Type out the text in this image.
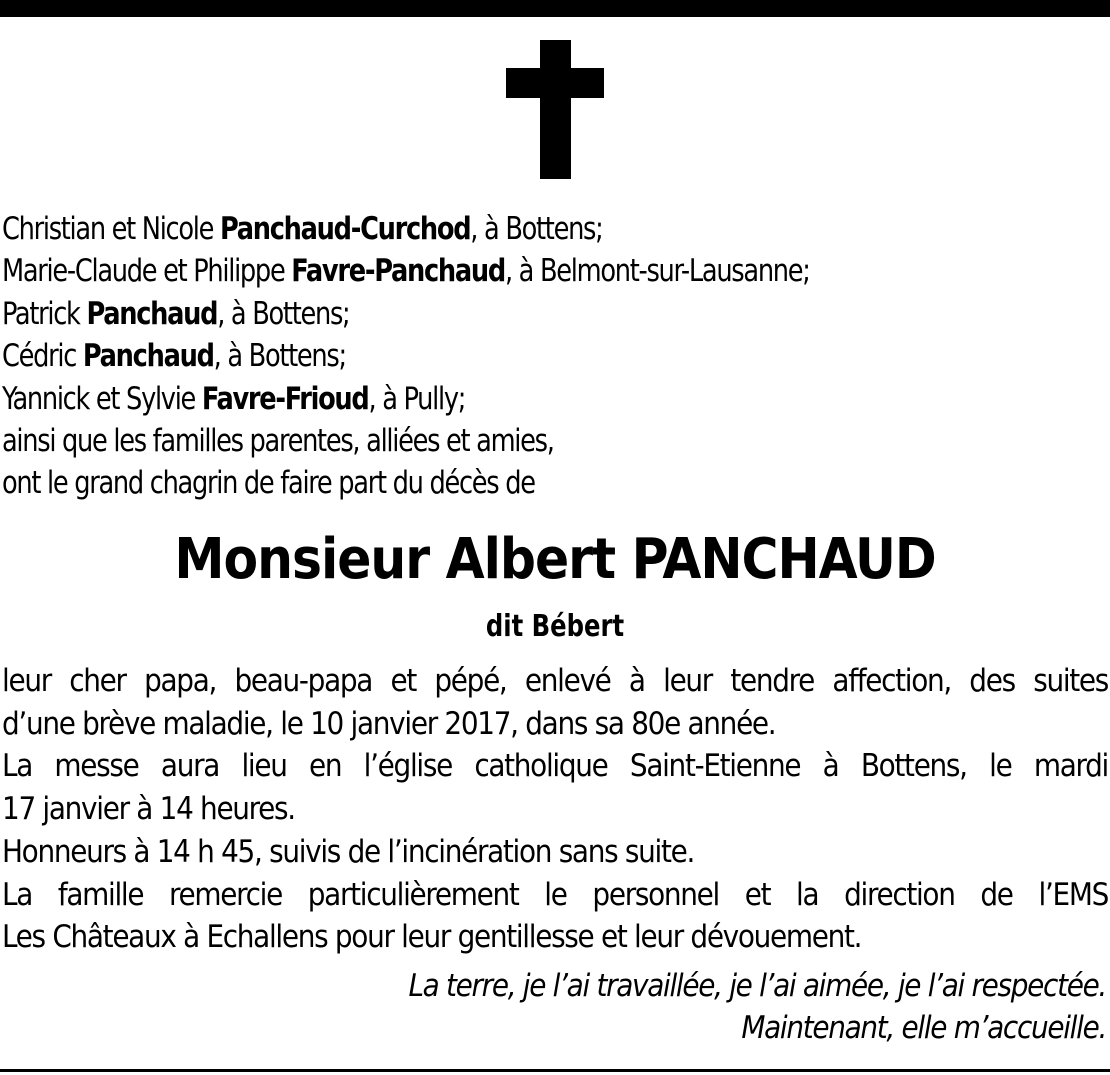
Christian et Nicole Panchaud-Curchod, à Bottens;
Marie-Claude et Philippe Favre-Panchaud, à Belmont-sur-Lausanne;
Patrick Panchaud, à Bottens;
Cédric Panchaud, à Bottens;
Yannick et Sylvie Favre-Frioud, à Pully;
ainsi que les familles parentes, alliées et amies,
ont le grand chagrin de faire part du décès de
Monsieur Albert PANCHAUD
dit Bébert
leur cher papa, beau-papa et pépé, enlevé à leur tendre affection, des suites
d’une brève maladie, le 10 janvier 2017, dans sa 80e année.
La messe aura lieu en l’église catholique Saint-Etienne à Bottens, le mardi
17 janvier à 14 heures.
Honneurs à 14 h 45, suivis de l’incinération sans suite.
La famille remercie particulièrement le personnel et la direction de l’EMS
Les Châteaux à Echallens pour leur gentillesse et leur dévouement.
La terre, je l’ai travaillée, je l’ai aimée, je l’ai respectée.
Maintenant, elle m’accueille.
